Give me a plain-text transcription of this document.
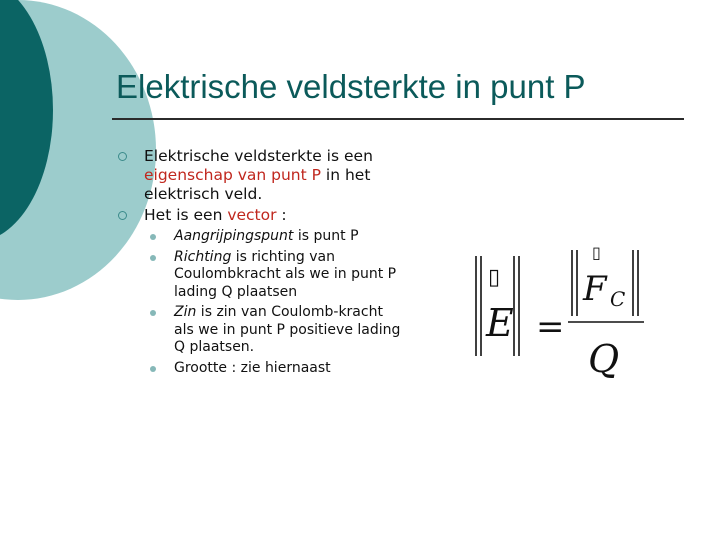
Elektrische veldsterkte in punt P
Elektrische veldsterkte is een eigenschap van punt P in het elektrisch veld.
Het is een vector :
Aangrijpingspunt is punt P
Richting is richting van Coulombkracht als we in punt P lading Q plaatsen
Zin is zin van Coulomb-kracht als we in punt P positieve lading Q plaatsen.
Grootte : zie hiernaast
▯
E =
▯
F C
Q
